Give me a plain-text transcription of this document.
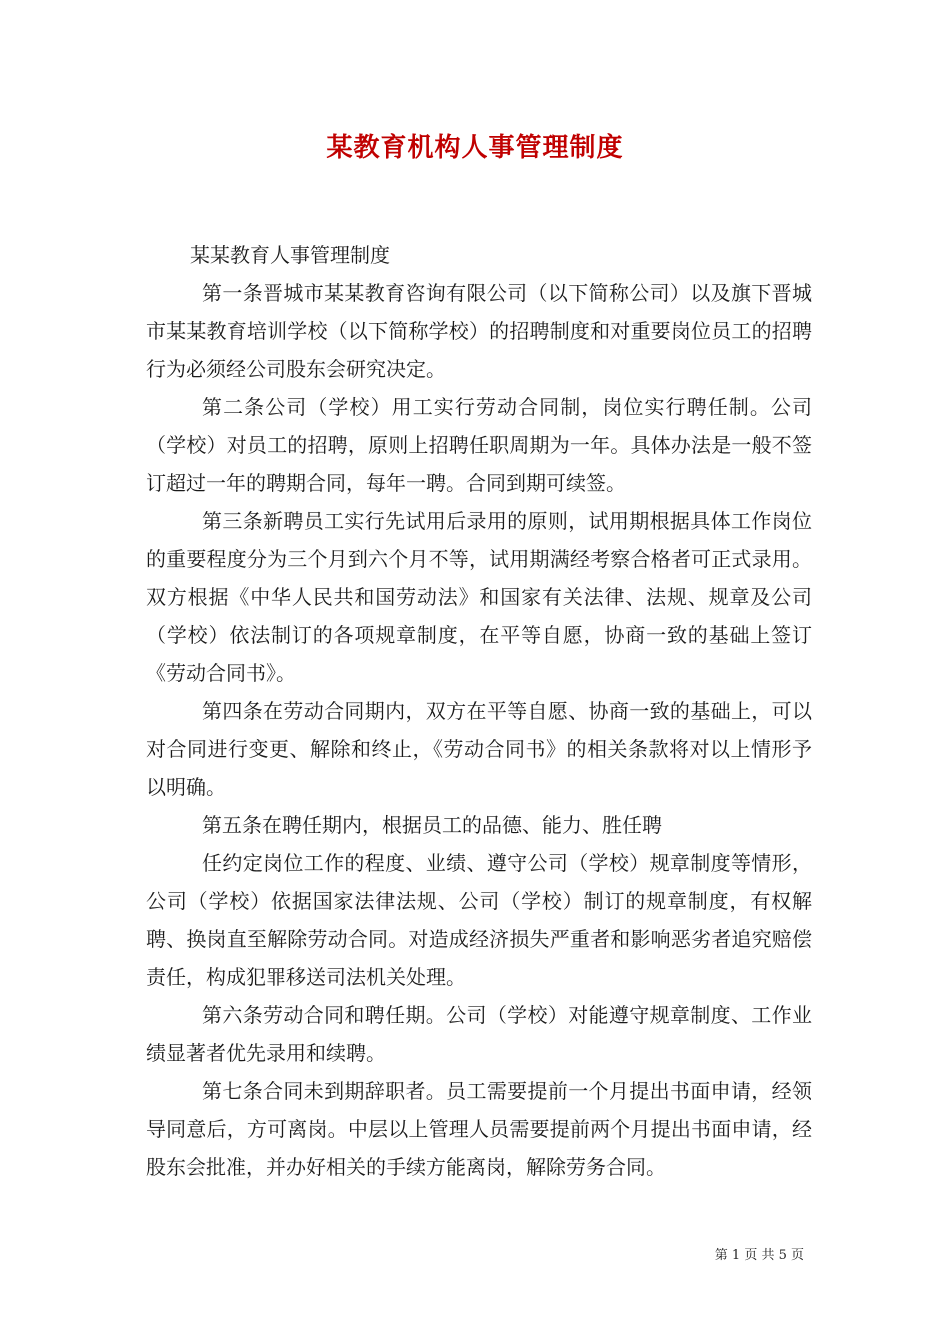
某教育机构人事管理制度

某某教育人事管理制度

第一条晋城市某某教育咨询有限公司（以下简称公司）以及旗下晋城市某某教育培训学校（以下简称学校）的招聘制度和对重要岗位员工的招聘行为必须经公司股东会研究决定。

第二条公司（学校）用工实行劳动合同制，岗位实行聘任制。公司（学校）对员工的招聘，原则上招聘任职周期为一年。具体办法是一般不签订超过一年的聘期合同，每年一聘。合同到期可续签。

第三条新聘员工实行先试用后录用的原则，试用期根据具体工作岗位的重要程度分为三个月到六个月不等，试用期满经考察合格者可正式录用。双方根据《中华人民共和国劳动法》和国家有关法律、法规、规章及公司（学校）依法制订的各项规章制度，在平等自愿，协商一致的基础上签订《劳动合同书》。

第四条在劳动合同期内，双方在平等自愿、协商一致的基础上，可以对合同进行变更、解除和终止，《劳动合同书》的相关条款将对以上情形予以明确。

第五条在聘任期内，根据员工的品德、能力、胜任聘

任约定岗位工作的程度、业绩、遵守公司（学校）规章制度等情形，公司（学校）依据国家法律法规、公司（学校）制订的规章制度，有权解聘、换岗直至解除劳动合同。对造成经济损失严重者和影响恶劣者追究赔偿责任，构成犯罪移送司法机关处理。

第六条劳动合同和聘任期。公司（学校）对能遵守规章制度、工作业绩显著者优先录用和续聘。

第七条合同未到期辞职者。员工需要提前一个月提出书面申请，经领导同意后，方可离岗。中层以上管理人员需要提前两个月提出书面申请，经股东会批准，并办好相关的手续方能离岗，解除劳务合同。

第 1 页 共 5 页
